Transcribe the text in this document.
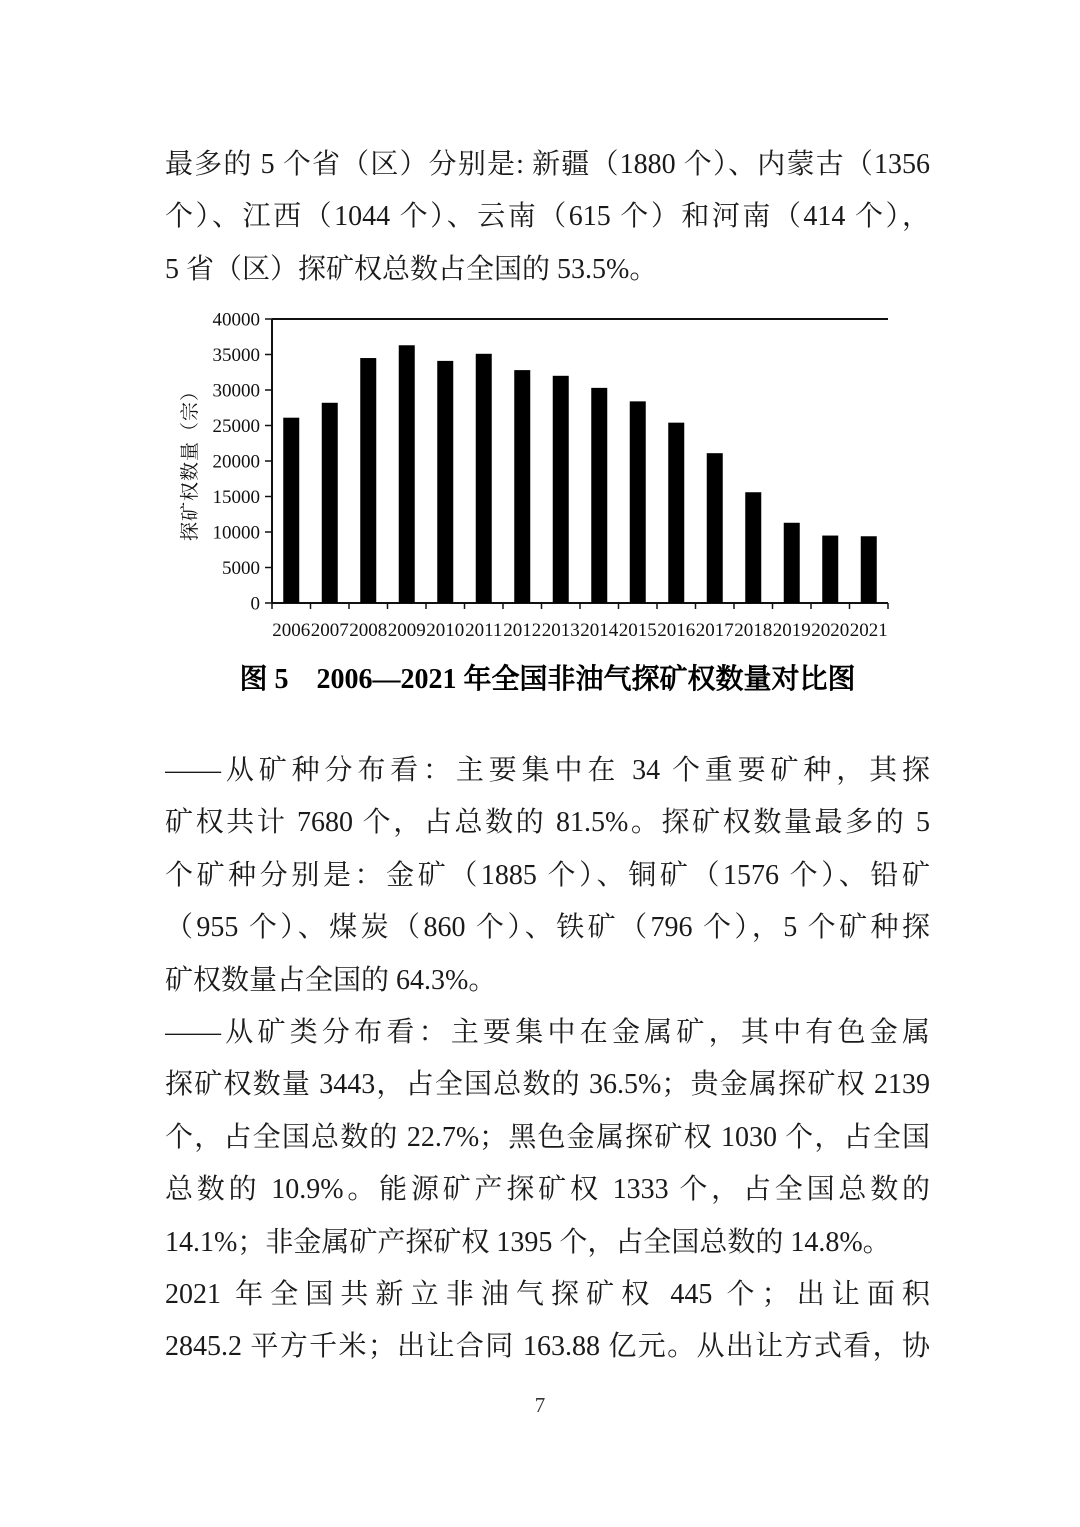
最多的 5 个省（区）分别是: 新疆（1880 个）、内蒙古（1356
个）、江西（1044 个）、云南（615 个）和河南（414 个），
5 省（区）探矿权总数占全国的 53.5%。
0
5000
10000
15000
20000
25000
30000
35000
40000
2006 2007 2008 2009 2010 2011 2012 2013 2014 2015 2016 2017 2018 2019 2020 2021
探矿权数量（宗）
图 5　2006—2021 年全国非油气探矿权数量对比图
——从矿种分布看：主要集中在 34 个重要矿种，其探
矿权共计 7680 个，占总数的 81.5%。探矿权数量最多的 5
个矿种分别是：金矿（1885 个）、铜矿（1576 个）、铅矿
（955 个）、煤炭（860 个）、铁矿（796 个），5 个矿种探
矿权数量占全国的 64.3%。
——从矿类分布看：主要集中在金属矿，其中有色金属
探矿权数量 3443，占全国总数的 36.5%；贵金属探矿权 2139
个，占全国总数的 22.7%；黑色金属探矿权 1030 个，占全国
总数的 10.9%。能源矿产探矿权 1333 个，占全国总数的
14.1%；非金属矿产探矿权 1395 个，占全国总数的 14.8%。
2021 年全国共新立非油气探矿权 445 个；出让面积
2845.2 平方千米；出让合同 163.88 亿元。从出让方式看，协
7
